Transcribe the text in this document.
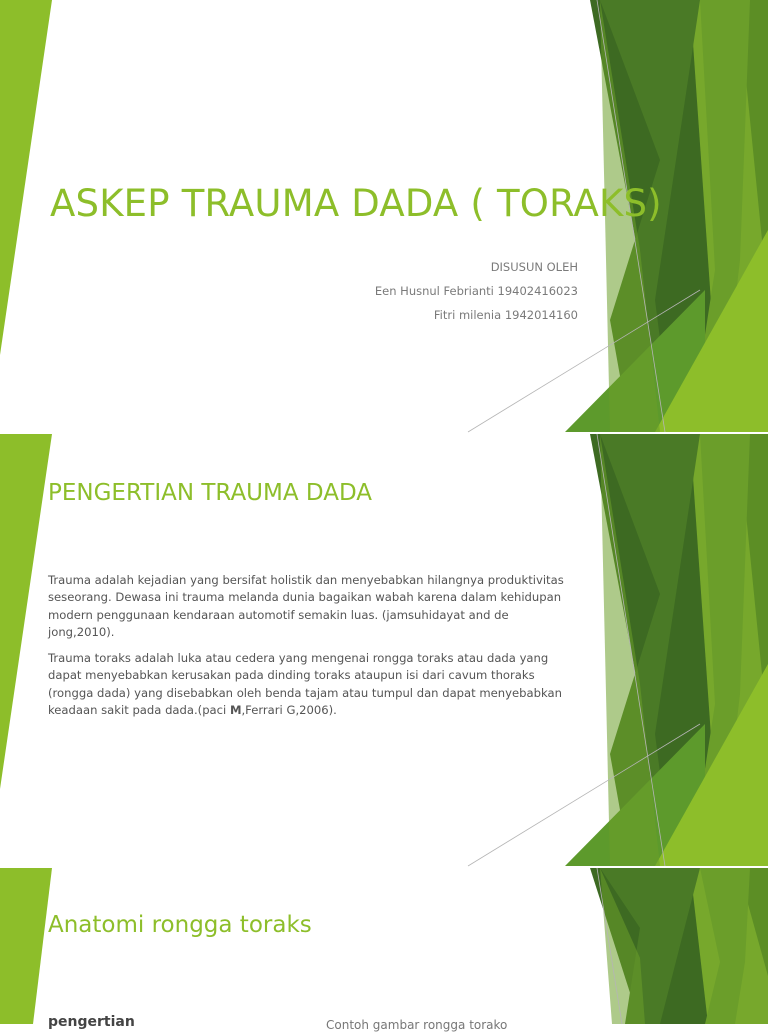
ASKEP TRAUMA DADA ( TORAKS)

DISUSUN OLEH

Een Husnul Febrianti 19402416023

Fitri milenia 1942014160

PENGERTIAN TRAUMA DADA

Trauma adalah kejadian yang bersifat holistik dan menyebabkan hilangnya produktivitas seseorang. Dewasa ini trauma melanda dunia bagaikan wabah karena dalam kehidupan modern penggunaan kendaraan automotif semakin luas. (jamsuhidayat and de jong,2010).

Trauma toraks adalah luka atau cedera yang mengenai rongga toraks atau dada yang dapat menyebabkan kerusakan pada dinding toraks ataupun isi dari cavum thoraks (rongga dada) yang disebabkan oleh benda tajam atau tumpul dan dapat menyebabkan keadaan sakit pada dada.(paci M,Ferrari G,2006).

Anatomi rongga toraks

pengertian	Contoh gambar rongga torako
